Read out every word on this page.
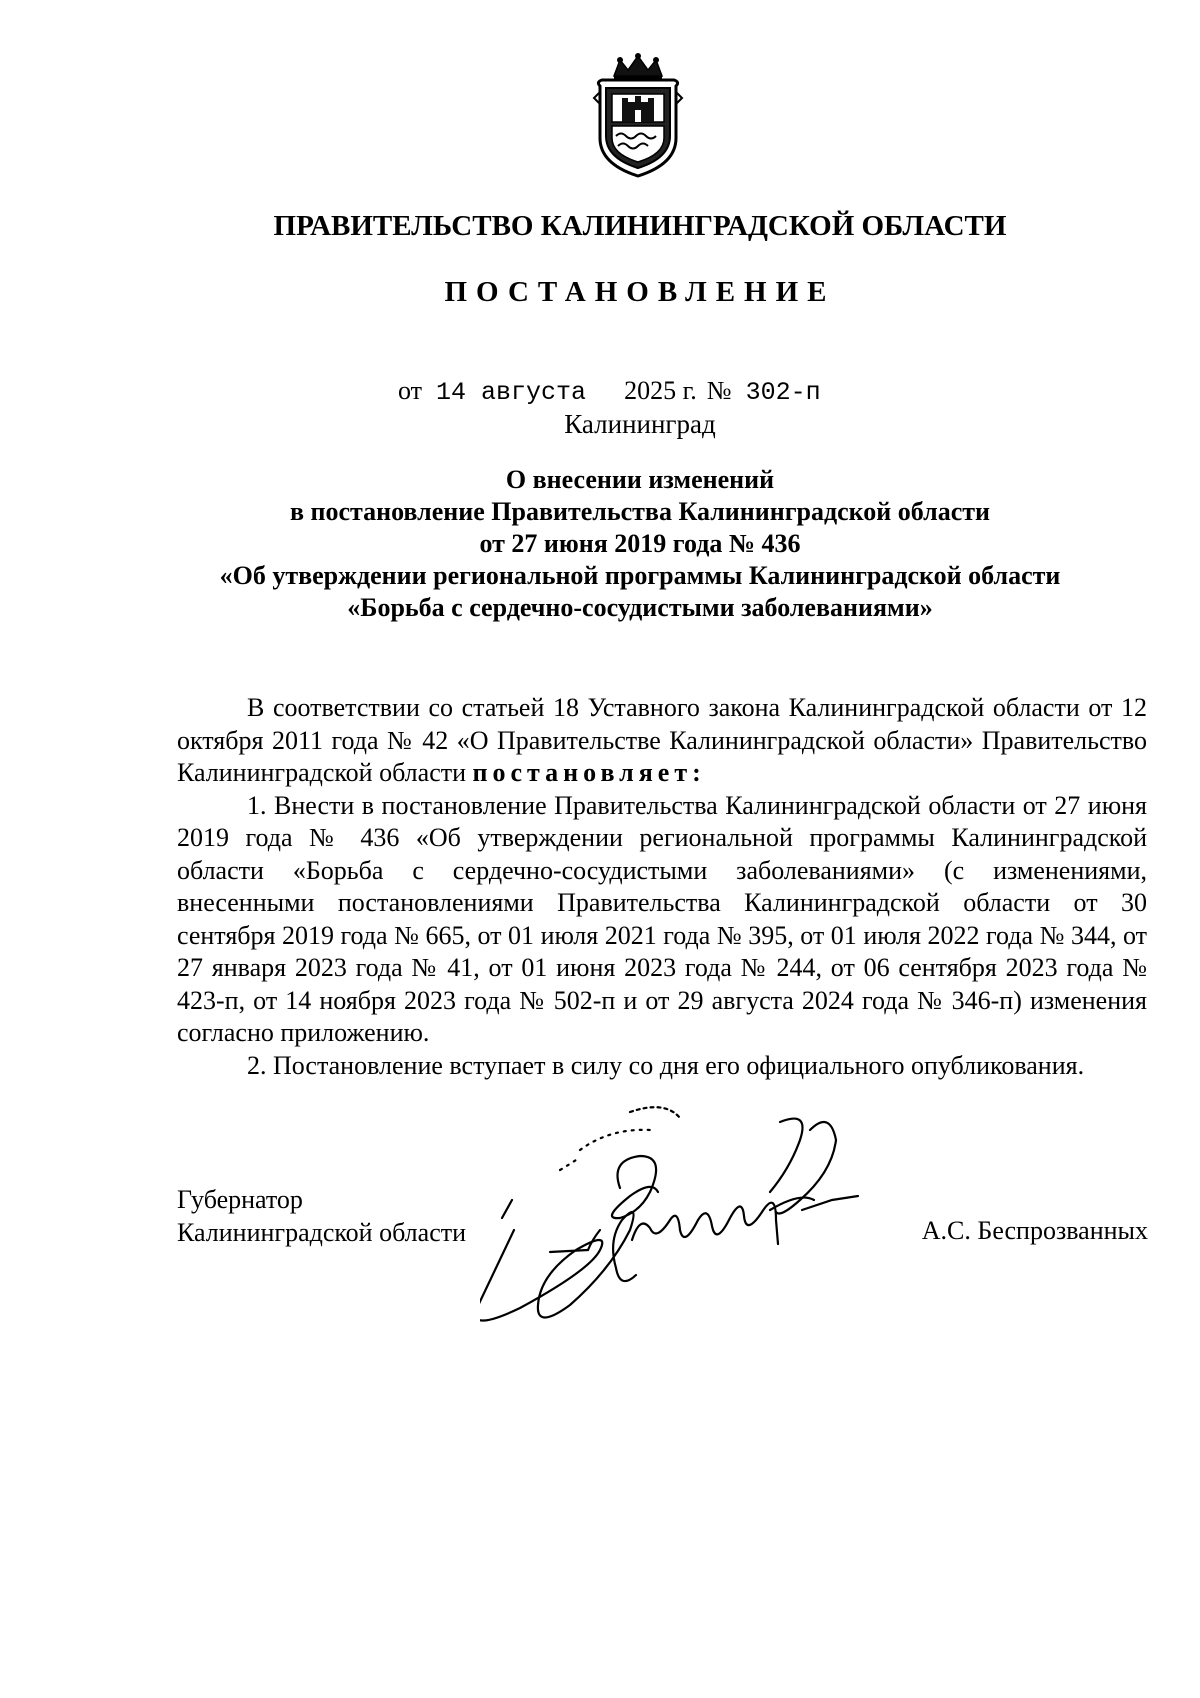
ПРАВИТЕЛЬСТВО КАЛИНИНГРАДСКОЙ ОБЛАСТИ
ПОСТАНОВЛЕНИЕ
от 14 августа 2025 г. № 302-п
Калининград
О внесении изменений
в постановление Правительства Калининградской области
от 27 июня 2019 года № 436
«Об утверждении региональной программы Калининградской области
«Борьба с сердечно-сосудистыми заболеваниями»

В соответствии со статьей 18 Уставного закона Калининградской области от 12 октября 2011 года № 42 «О Правительстве Калининградской области» Правительство Калининградской области постановляет:

1. Внести в постановление Правительства Калининградской области от 27 июня 2019 года № 436 «Об утверждении региональной программы Калининградской области «Борьба с сердечно-сосудистыми заболеваниями» (с изменениями, внесенными постановлениями Правительства Калининградской области от 30 сентября 2019 года № 665, от 01 июля 2021 года № 395, от 01 июля 2022 года № 344, от 27 января 2023 года № 41, от 01 июня 2023 года № 244, от 06 сентября 2023 года № 423-п, от 14 ноября 2023 года № 502-п и от 29 августа 2024 года № 346-п) изменения согласно приложению.

2. Постановление вступает в силу со дня его официального опубликования.

Губернатор
Калининградской области	А.С. Беспрозванных
